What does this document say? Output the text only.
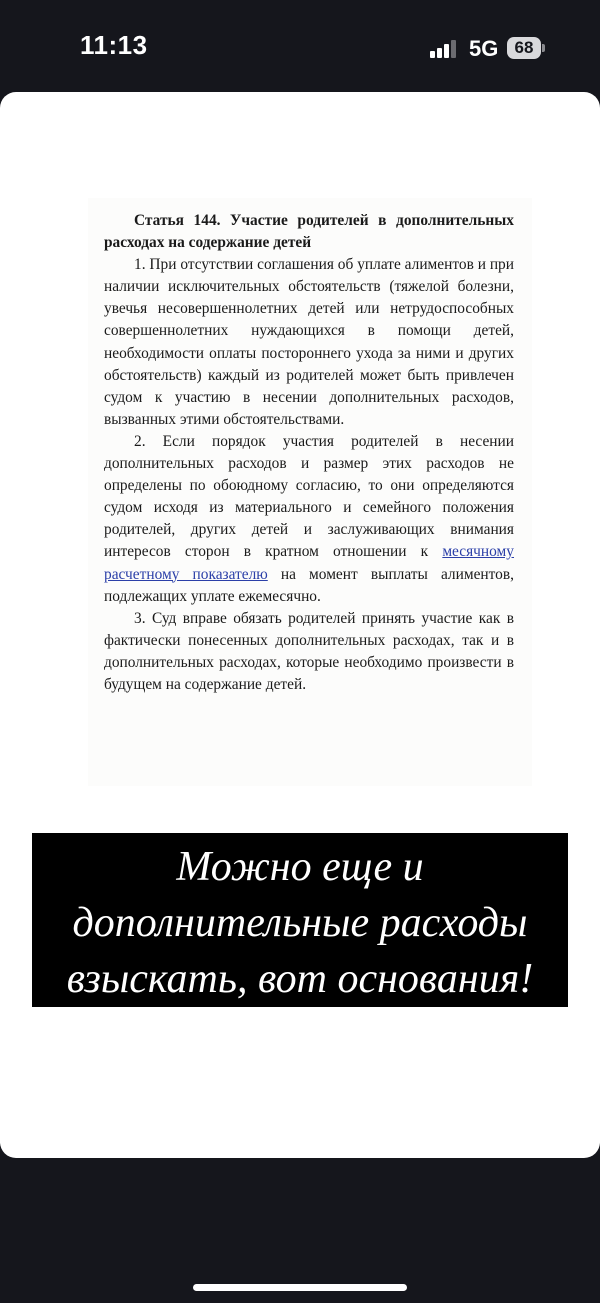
11:13	5G 68

Статья 144. Участие родителей в дополнительных расходах на содержание детей

1. При отсутствии соглашения об уплате алиментов и при наличии исключительных обстоятельств (тяжелой болезни, увечья несовершеннолетних детей или нетрудоспособных совершеннолетних нуждающихся в помощи детей, необходимости оплаты постороннего ухода за ними и других обстоятельств) каждый из родителей может быть привлечен судом к участию в несении дополнительных расходов, вызванных этими обстоятельствами.

2. Если порядок участия родителей в несении дополнительных расходов и размер этих расходов не определены по обоюдному согласию, то они определяются судом исходя из материального и семейного положения родителей, других детей и заслуживающих внимания интересов сторон в кратном отношении к месячному расчетному показателю на момент выплаты алиментов, подлежащих уплате ежемесячно.

3. Суд вправе обязать родителей принять участие как в фактически понесенных дополнительных расходах, так и в дополнительных расходах, которые необходимо произвести в будущем на содержание детей.

Можно еще и
дополнительные расходы
взыскать, вот основания!
